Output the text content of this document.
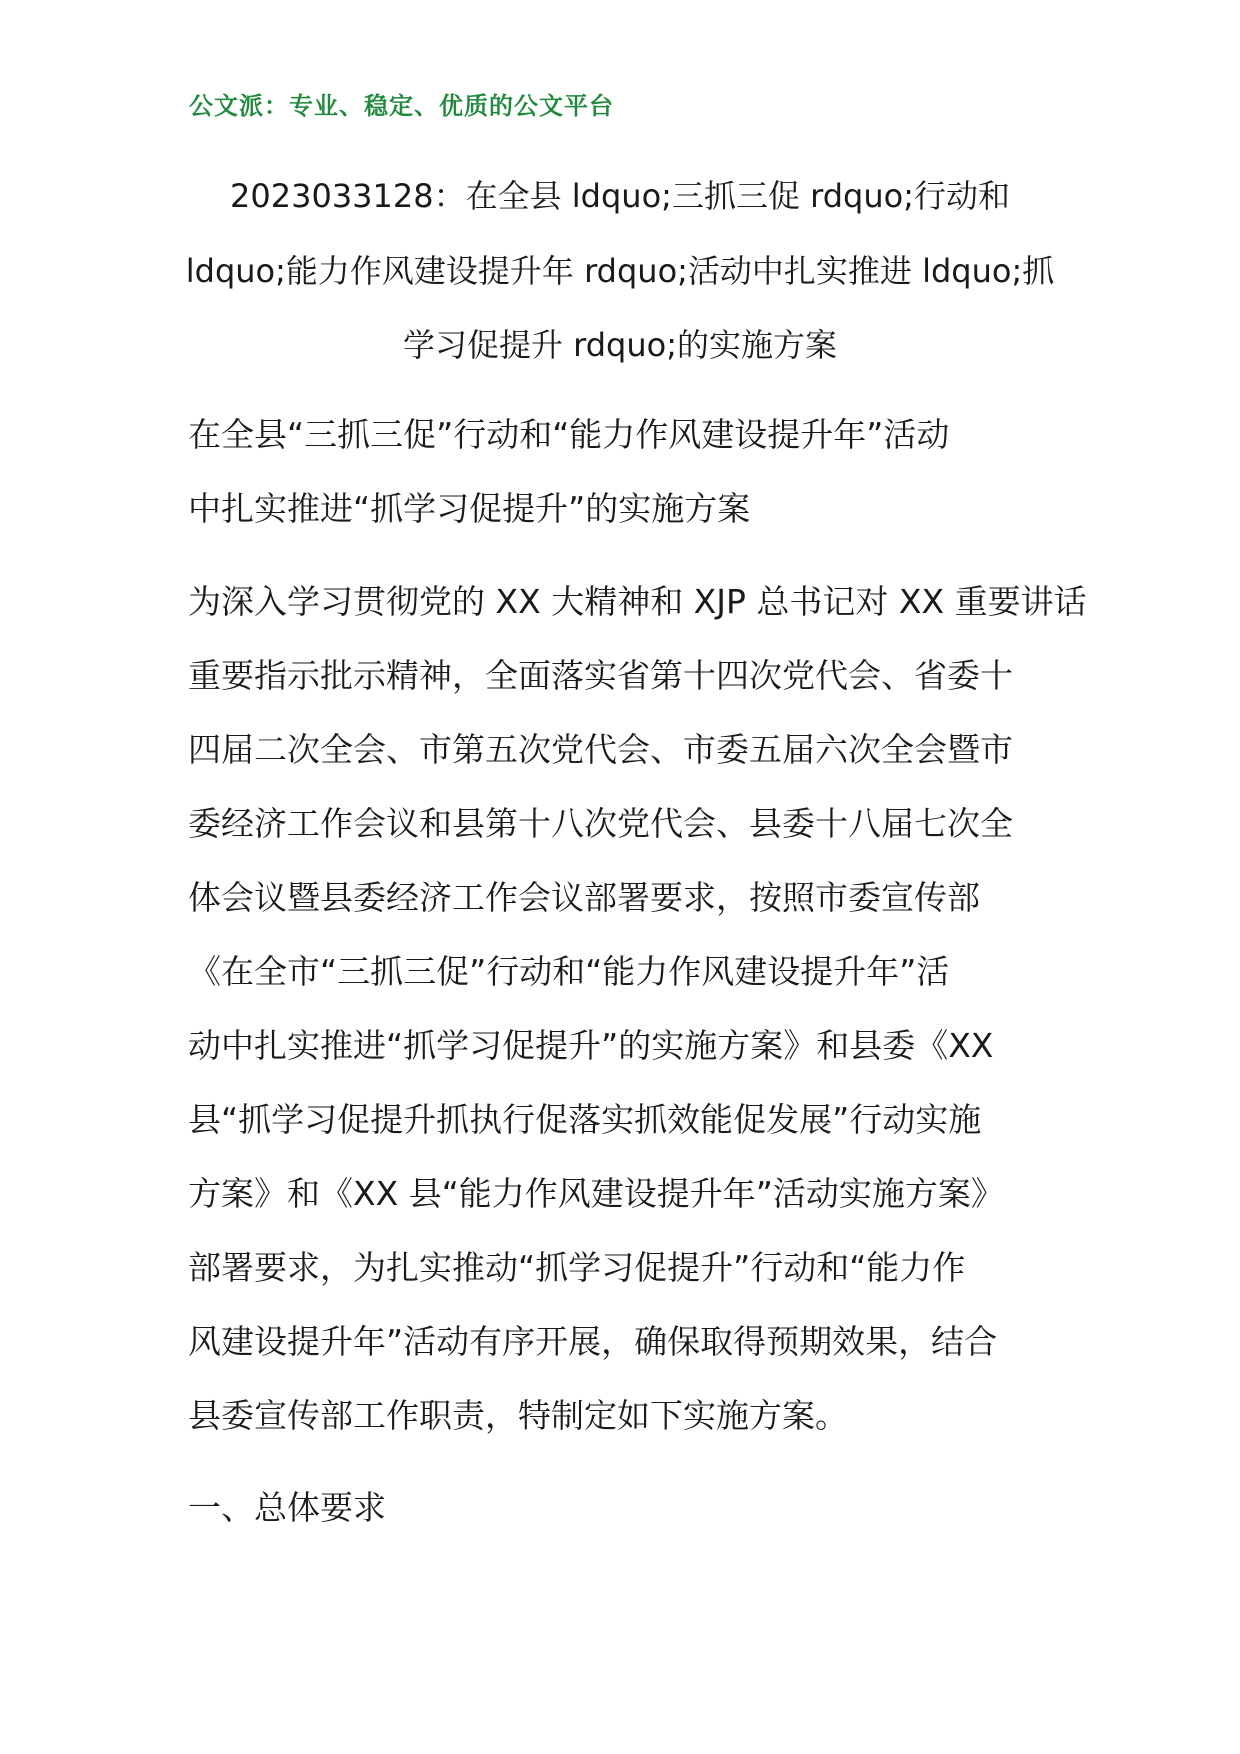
公文派：专业、稳定、优质的公文平台
2023033128：在全县 ldquo;三抓三促 rdquo;行动和
ldquo;能力作风建设提升年 rdquo;活动中扎实推进 ldquo;抓
学习促提升 rdquo;的实施方案
在全县“三抓三促”行动和“能力作风建设提升年”活动
中扎实推进“抓学习促提升”的实施方案
为深入学习贯彻党的 XX 大精神和 XJP 总书记对 XX 重要讲话
重要指示批示精神，全面落实省第十四次党代会、省委十
四届二次全会、市第五次党代会、市委五届六次全会暨市
委经济工作会议和县第十八次党代会、县委十八届七次全
体会议暨县委经济工作会议部署要求，按照市委宣传部
《在全市“三抓三促”行动和“能力作风建设提升年”活
动中扎实推进“抓学习促提升”的实施方案》和县委《XX
县“抓学习促提升抓执行促落实抓效能促发展”行动实施
方案》和《XX 县“能力作风建设提升年”活动实施方案》
部署要求，为扎实推动“抓学习促提升”行动和“能力作
风建设提升年”活动有序开展，确保取得预期效果，结合
县委宣传部工作职责，特制定如下实施方案。
一、总体要求
